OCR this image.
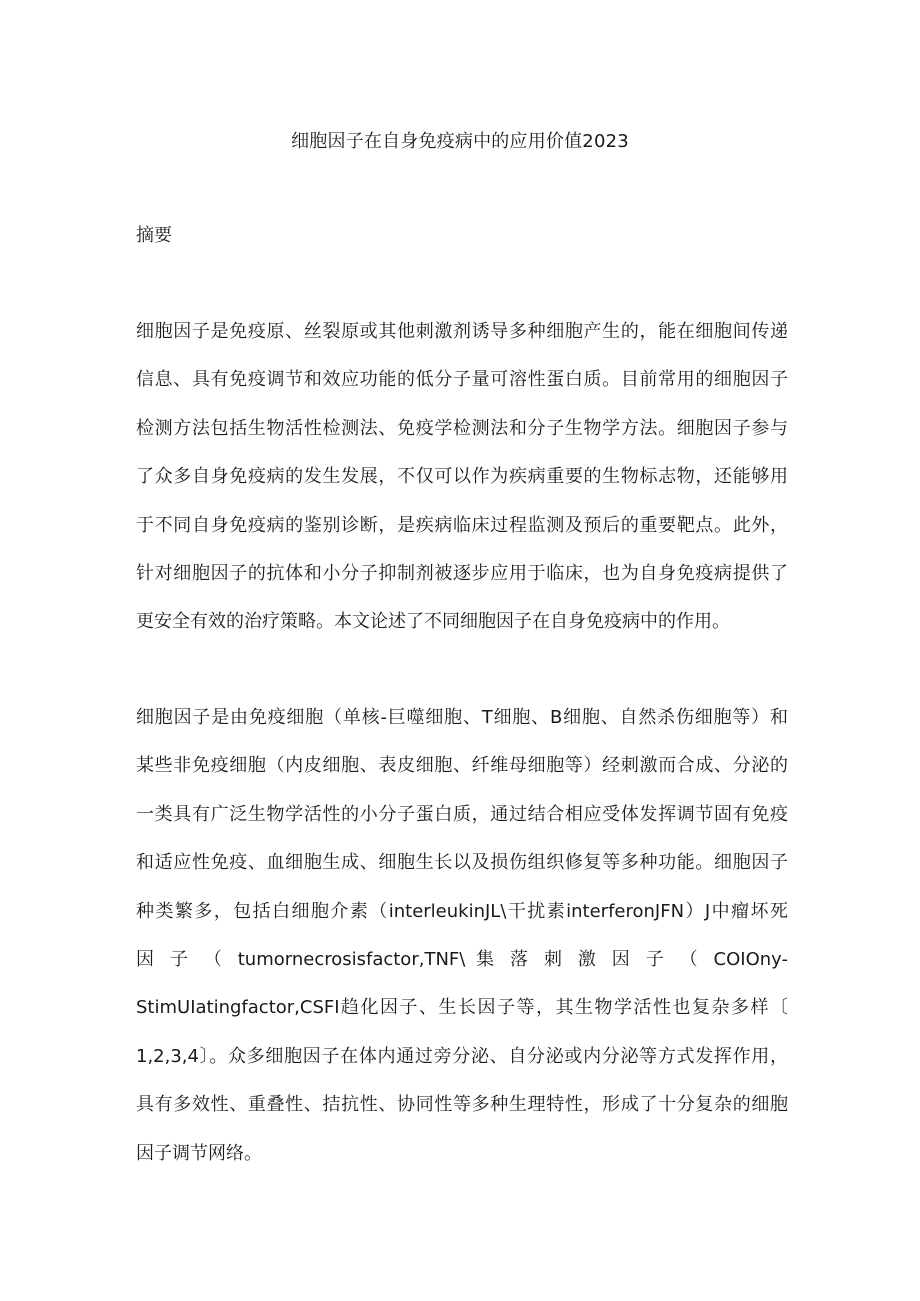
细胞因子在自身免疫病中的应用价值2023
摘要
细胞因子是免疫原、丝裂原或其他刺激剂诱导多种细胞产生的，能在细胞间传递
信息、具有免疫调节和效应功能的低分子量可溶性蛋白质。目前常用的细胞因子
检测方法包括生物活性检测法、免疫学检测法和分子生物学方法。细胞因子参与
了众多自身免疫病的发生发展，不仅可以作为疾病重要的生物标志物，还能够用
于不同自身免疫病的鉴别诊断，是疾病临床过程监测及预后的重要靶点。此外，
针对细胞因子的抗体和小分子抑制剂被逐步应用于临床，也为自身免疫病提供了
更安全有效的治疗策略。本文论述了不同细胞因子在自身免疫病中的作用。
细胞因子是由免疫细胞（单核-巨噬细胞、T细胞、B细胞、自然杀伤细胞等）和
某些非免疫细胞（内皮细胞、表皮细胞、纤维母细胞等）经刺激而合成、分泌的
一类具有广泛生物学活性的小分子蛋白质，通过结合相应受体发挥调节固有免疫
和适应性免疫、血细胞生成、细胞生长以及损伤组织修复等多种功能。细胞因子
种类繁多，包括白细胞介素（interleukinJL\干扰素interferonJFN）J中瘤坏死
因 子 （ tumornecrosisfactor,TNF\ 集 落 刺 激 因 子 （ COIOny-
StimUIatingfactor,CSFI趋化因子、生长因子等，其生物学活性也复杂多样〔
1,2,3,4〕。众多细胞因子在体内通过旁分泌、自分泌或内分泌等方式发挥作用，
具有多效性、重叠性、拮抗性、协同性等多种生理特性，形成了十分复杂的细胞
因子调节网络。
